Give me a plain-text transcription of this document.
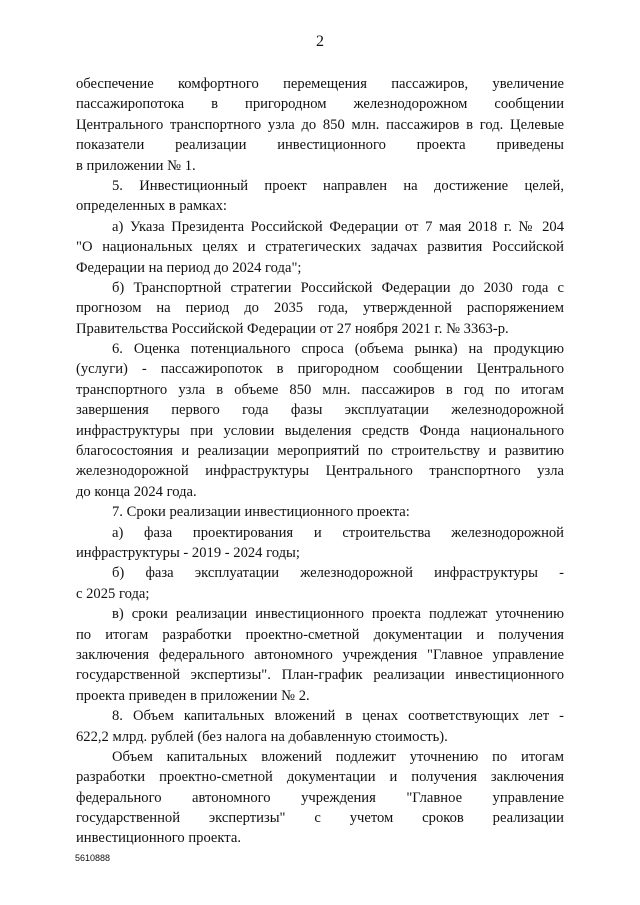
2
обеспечение комфортного перемещения пассажиров, увеличение
пассажиропотока в пригородном железнодорожном сообщении
Центрального транспортного узла до 850 млн. пассажиров в год. Целевые
показатели реализации инвестиционного проекта приведены
в приложении № 1.
5. Инвестиционный проект направлен на достижение целей,
определенных в рамках:
а) Указа Президента Российской Федерации от 7 мая 2018 г. № 204
"О национальных целях и стратегических задачах развития Российской
Федерации на период до 2024 года";
б) Транспортной стратегии Российской Федерации до 2030 года с
прогнозом на период до 2035 года, утвержденной распоряжением
Правительства Российской Федерации от 27 ноября 2021 г. № 3363-р.
6. Оценка потенциального спроса (объема рынка) на продукцию
(услуги) - пассажиропоток в пригородном сообщении Центрального
транспортного узла в объеме 850 млн. пассажиров в год по итогам
завершения первого года фазы эксплуатации железнодорожной
инфраструктуры при условии выделения средств Фонда национального
благосостояния и реализации мероприятий по строительству и развитию
железнодорожной инфраструктуры Центрального транспортного узла
до конца 2024 года.
7. Сроки реализации инвестиционного проекта:
а) фаза проектирования и строительства железнодорожной
инфраструктуры - 2019 - 2024 годы;
б) фаза эксплуатации железнодорожной инфраструктуры -
с 2025 года;
в) сроки реализации инвестиционного проекта подлежат уточнению
по итогам разработки проектно-сметной документации и получения
заключения федерального автономного учреждения "Главное управление
государственной экспертизы". План-график реализации инвестиционного
проекта приведен в приложении № 2.
8. Объем капитальных вложений в ценах соответствующих лет -
622,2 млрд. рублей (без налога на добавленную стоимость).
Объем капитальных вложений подлежит уточнению по итогам
разработки проектно-сметной документации и получения заключения
федерального автономного учреждения "Главное управление
государственной экспертизы" с учетом сроков реализации
инвестиционного проекта.
5610888
